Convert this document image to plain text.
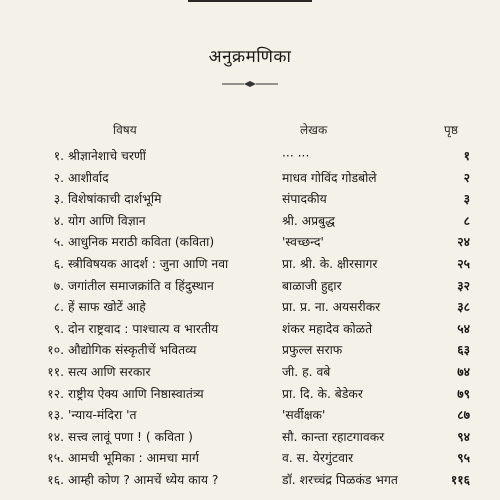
अनुक्रमणिका
विषय	लेखक	पृष्ठ
१. श्रीज्ञानेशाचे चरणीं	··· ···	१
२. आशीर्वाद	माधव गोविंद गोडबोले	२
३. विशेषांकाची दार्शभूमि	संपादकीय	३
४. योग आणि विज्ञान	श्री. अप्रबुद्ध	८
५. आधुनिक मराठी कविता (कविता)	'स्वच्छन्द'	२४
६. स्त्रीविषयक आदर्श : जुना आणि नवा	प्रा. श्री. के. क्षीरसागर	२५
७. जगांतील समाजक्रांति व हिंदुस्थान	बाळाजी हुद्दार	३२
८. हें साफ खोटें आहे	प्रा. प्र. ना. अयसरीकर	३८
९. दोन राष्ट्रवाद : पाश्चात्य व भारतीय	शंकर महादेव कोळते	५४
१०. औद्योगिक संस्कृतीचें भवितव्य	प्रफुल्ल सराफ	६३
११. सत्य आणि सरकार	जी. ह. वबे	७४
१२. राष्ट्रीय ऐक्य आणि निष्ठास्वातंत्र्य	प्रा. दि. के. बेडेकर	७९
१३. 'न्याय-मंदिरा 'त	'सर्वीक्षक'	८७
१४. सत्त्व लावूं पणा ! ( कविता )	सौ. कान्ता रहाटगावकर	९४
१५. आमची भूमिका : आमचा मार्ग	व. स. येरगुंटवार	९५
१६. आम्ही कोण ? आमचें ध्येय काय ?	डॉ. शरच्चंद्र पिळकंड भगत	११६
